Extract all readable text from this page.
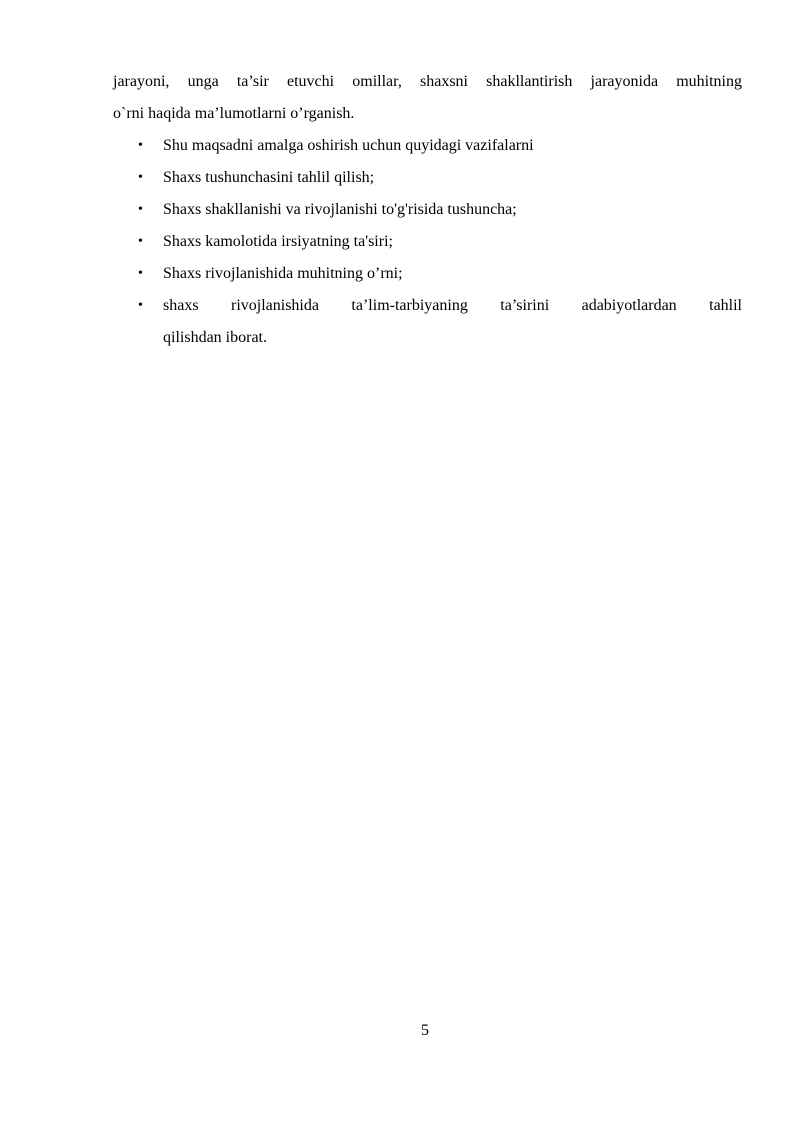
jarayoni, unga ta’sir etuvchi omillar, shaxsni shakllantirish jarayonida muhitning
o`rni haqida maʼlumotlarni o’rganish.

• Shu maqsadni amalga oshirish uchun quyidagi vazifalarni
• Shaxs tushunchasini tahlil qilish;
• Shaxs shakllanishi va rivojlanishi to'g'risida tushuncha;
• Shaxs kamolotida irsiyatning ta'siri;
• Shaxs rivojlanishida muhitning o’rni;
• shaxs rivojlanishida ta’lim-tarbiyaning ta’sirini adabiyotlardan tahlil
qilishdan iborat.
5
